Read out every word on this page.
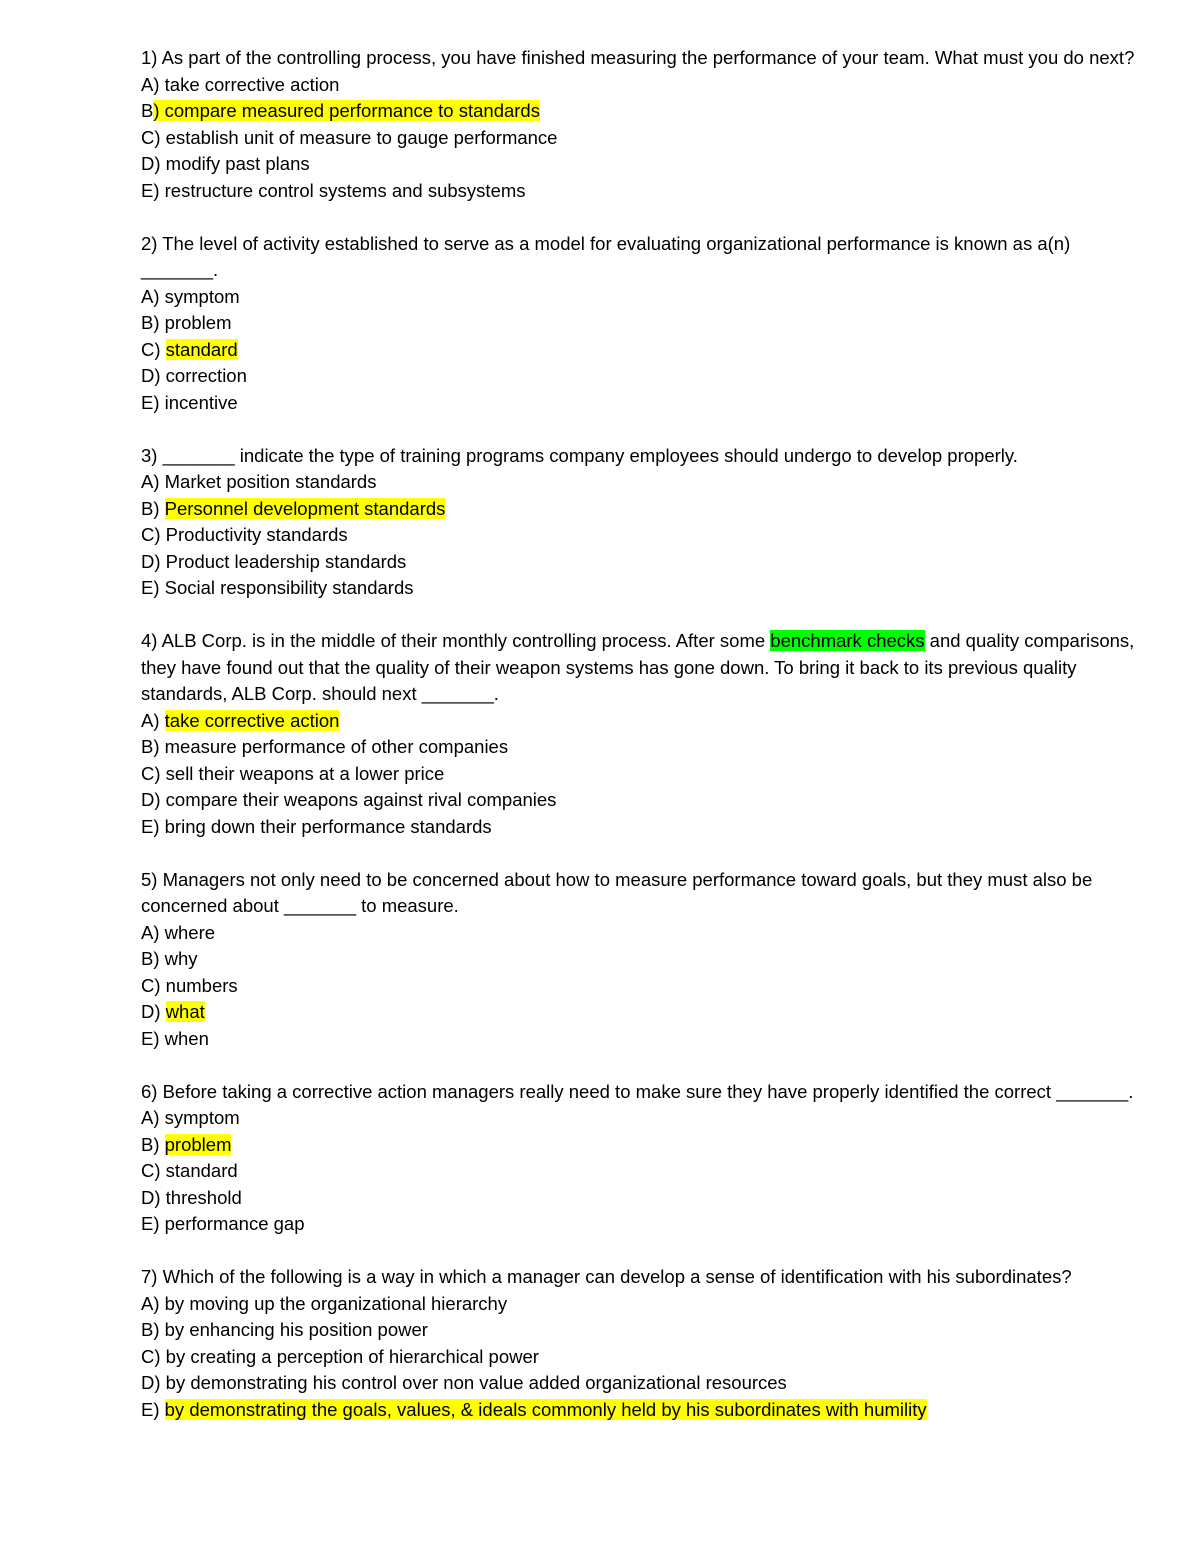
1) As part of the controlling process, you have finished measuring the performance of your team. What must you do next?
A) take corrective action
B) compare measured performance to standards
C) establish unit of measure to gauge performance
D) modify past plans
E) restructure control systems and subsystems
2) The level of activity established to serve as a model for evaluating organizational performance is known as a(n) _______.
A) symptom
B) problem
C) standard
D) correction
E) incentive
3) _______ indicate the type of training programs company employees should undergo to develop properly.
A) Market position standards
B) Personnel development standards
C) Productivity standards
D) Product leadership standards
E) Social responsibility standards
4) ALB Corp. is in the middle of their monthly controlling process. After some benchmark checks and quality comparisons, they have found out that the quality of their weapon systems has gone down. To bring it back to its previous quality standards, ALB Corp. should next _______.
A) take corrective action
B) measure performance of other companies
C) sell their weapons at a lower price
D) compare their weapons against rival companies
E) bring down their performance standards
5) Managers not only need to be concerned about how to measure performance toward goals, but they must also be concerned about _______ to measure.
A) where
B) why
C) numbers
D) what
E) when
6) Before taking a corrective action managers really need to make sure they have properly identified the correct _______.
A) symptom
B) problem
C) standard
D) threshold
E) performance gap
7) Which of the following is a way in which a manager can develop a sense of identification with his subordinates?
A) by moving up the organizational hierarchy
B) by enhancing his position power
C) by creating a perception of hierarchical power
D) by demonstrating his control over non value added organizational resources
E) by demonstrating the goals, values, & ideals commonly held by his subordinates with humility
